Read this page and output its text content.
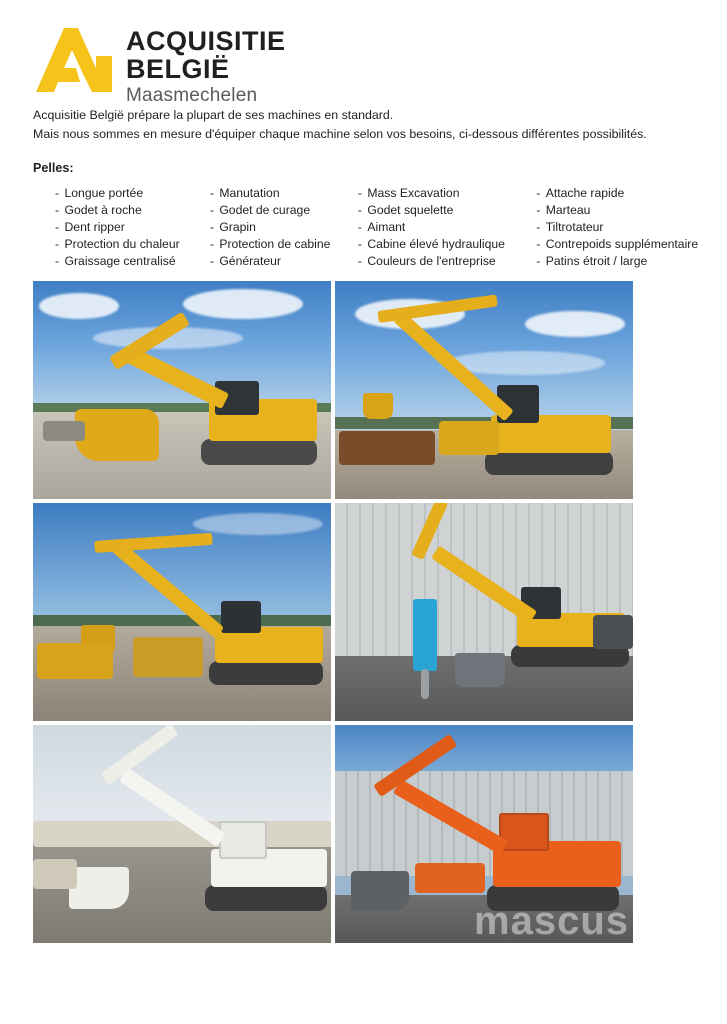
ACQUISITIE
BELGIË
Maasmechelen

Acquisitie België prépare la plupart de ses machines en standard.

Mais nous sommes en mesure d'équiper chaque machine selon vos besoins, ci-dessous différentes possibilités.

Pelles:
-	Longue portée	-	Manutation	-	Mass Excavation	-	Attache rapide
-	Godet à roche	-	Godet de curage	-	Godet squelette	-	Marteau
-	Dent ripper	-	Grapin	-	Aimant	-	Tiltrotateur
-	Protection du chaleur	-	Protection de cabine	-	Cabine élevé hydraulique	-	Contrepoids supplémentaire
-	Graissage centralisé	-	Générateur	-	Couleurs de l'entreprise	-	Patins étroit / large
mascus
